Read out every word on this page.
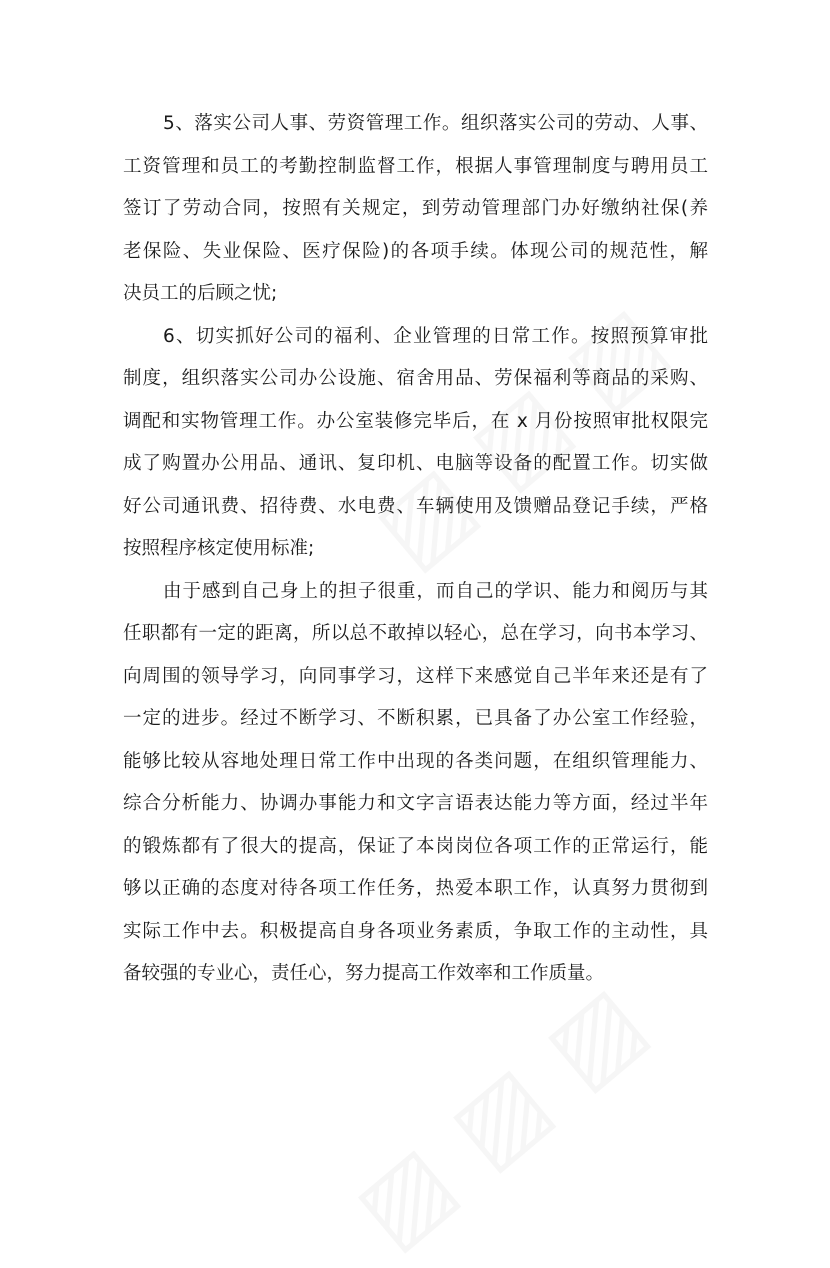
5、落实公司人事、劳资管理工作。组织落实公司的劳动、人事、
工资管理和员工的考勤控制监督工作，根据人事管理制度与聘用员工
签订了劳动合同，按照有关规定，到劳动管理部门办好缴纳社保(养
老保险、失业保险、医疗保险)的各项手续。体现公司的规范性，解
决员工的后顾之忧;
6、切实抓好公司的福利、企业管理的日常工作。按照预算审批
制度，组织落实公司办公设施、宿舍用品、劳保福利等商品的采购、
调配和实物管理工作。办公室装修完毕后，在 x 月份按照审批权限完
成了购置办公用品、通讯、复印机、电脑等设备的配置工作。切实做
好公司通讯费、招待费、水电费、车辆使用及馈赠品登记手续，严格
按照程序核定使用标准;
由于感到自己身上的担子很重，而自己的学识、能力和阅历与其
任职都有一定的距离，所以总不敢掉以轻心，总在学习，向书本学习、
向周围的领导学习，向同事学习，这样下来感觉自己半年来还是有了
一定的进步。经过不断学习、不断积累，已具备了办公室工作经验，
能够比较从容地处理日常工作中出现的各类问题，在组织管理能力、
综合分析能力、协调办事能力和文字言语表达能力等方面，经过半年
的锻炼都有了很大的提高，保证了本岗岗位各项工作的正常运行，能
够以正确的态度对待各项工作任务，热爱本职工作，认真努力贯彻到
实际工作中去。积极提高自身各项业务素质，争取工作的主动性，具
备较强的专业心，责任心，努力提高工作效率和工作质量。
